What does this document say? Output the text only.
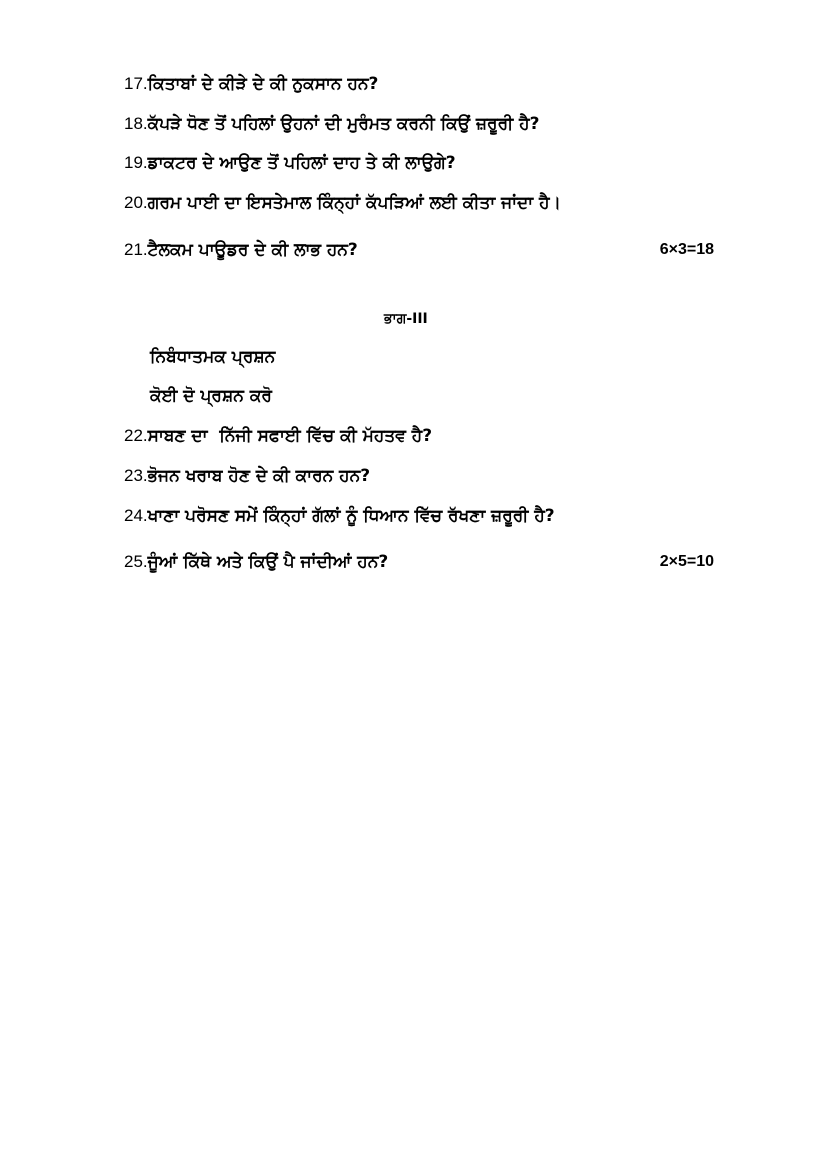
17.ਕਿਤਾਬਾਂ ਦੇ ਕੀੜੇ ਦੇ ਕੀ ਨੁਕਸਾਨ ਹਨ?
18.ਕੱਪੜੇ ਧੋਣ ਤੋਂ ਪਹਿਲਾਂ ਉਹਨਾਂ ਦੀ ਮੁਰੰਮਤ ਕਰਨੀ ਕਿਉਂ ਜ਼ਰੂਰੀ ਹੈ?
19.ਡਾਕਟਰ ਦੇ ਆਉਣ ਤੋਂ ਪਹਿਲਾਂ ਦਾਹ ਤੇ ਕੀ ਲਾਉਗੇ?
20.ਗਰਮ ਪਾਈ ਦਾ ਇਸਤੇਮਾਲ ਕਿੰਨ੍ਹਾਂ ਕੱਪੜਿਆਂ ਲਈ ਕੀਤਾ ਜਾਂਦਾ ਹੈ।
21.ਟੈਲਕਮ ਪਾਊਡਰ ਦੇ ਕੀ ਲਾਭ ਹਨ?	6×3=18
ਭਾਗ-III
ਨਿਬੰਧਾਤਮਕ ਪ੍ਰਸ਼ਨ
ਕੋਈ ਦੋ ਪ੍ਰਸ਼ਨ ਕਰੋ
22.ਸਾਬਣ ਦਾ  ਨਿੱਜੀ ਸਫਾਈ ਵਿੱਚ ਕੀ ਮੱਹਤਵ ਹੈ?
23.ਭੋਜਨ ਖਰਾਬ ਹੋਣ ਦੇ ਕੀ ਕਾਰਨ ਹਨ?
24.ਖਾਣਾ ਪਰੋਸਣ ਸਮੇਂ ਕਿੰਨ੍ਹਾਂ ਗੱਲਾਂ ਨੂੰ ਧਿਆਨ ਵਿੱਚ ਰੱਖਣਾ ਜ਼ਰੂਰੀ ਹੈ?
25.ਜੂੰਆਂ ਕਿੱਥੇ ਅਤੇ ਕਿਉਂ ਪੈ ਜਾਂਦੀਆਂ ਹਨ?	2×5=10
